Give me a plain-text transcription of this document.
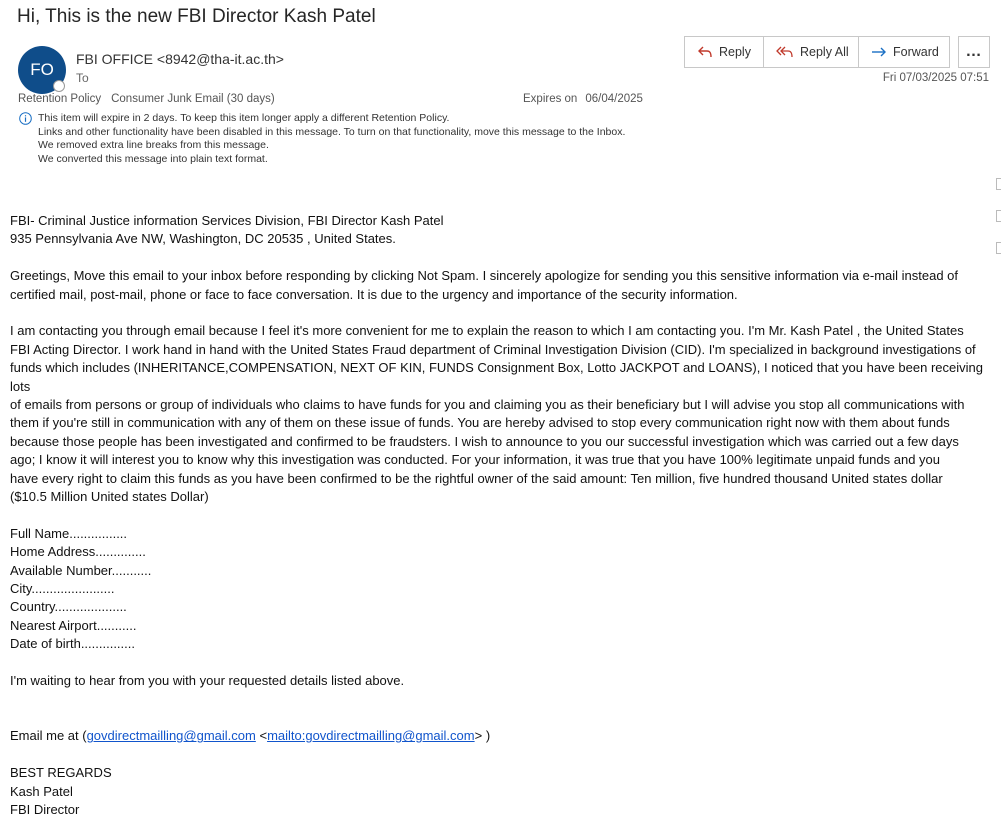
Hi, This is the new FBI Director Kash Patel
FO
FBI OFFICE <8942@tha-it.ac.th>
To
Reply	Reply All	Forward …
Fri 07/03/2025 07:51
Retention Policy Consumer Junk Email (30 days)	Expires on 06/04/2025
This item will expire in 2 days. To keep this item longer apply a different Retention Policy.
Links and other functionality have been disabled in this message. To turn on that functionality, move this message to the Inbox.
We removed extra line breaks from this message.
We converted this message into plain text format.

FBI- Criminal Justice information Services Division, FBI Director Kash Patel

935 Pennsylvania Ave NW, Washington, DC 20535 , United States.

Greetings, Move this email to your inbox before responding by clicking Not Spam. I sincerely apologize for sending you this sensitive information via e-mail instead of

certified mail, post-mail, phone or face to face conversation. It is due to the urgency and importance of the security information.

I am contacting you through email because I feel it's more convenient for me to explain the reason to which I am contacting you. I'm Mr. Kash Patel , the United States

FBI Acting Director. I work hand in hand with the United States Fraud department of Criminal Investigation Division (CID). I'm specialized in background investigations of

funds which includes (INHERITANCE,COMPENSATION, NEXT OF KIN, FUNDS Consignment Box, Lotto JACKPOT and LOANS), I noticed that you have been receiving lots

of emails from persons or group of individuals who claims to have funds for you and claiming you as their beneficiary but I will advise you stop all communications with

them if you're still in communication with any of them on these issue of funds. You are hereby advised to stop every communication right now with them about funds

because those people has been investigated and confirmed to be fraudsters. I wish to announce to you our successful investigation which was carried out a few days

ago; I know it will interest you to know why this investigation was conducted. For your information, it was true that you have 100% legitimate unpaid funds and you

have every right to claim this funds as you have been confirmed to be the rightful owner of the said amount: Ten million, five hundred thousand United states dollar

($10.5 Million United states Dollar)

Full Name................

Home Address..............

Available Number...........

City.......................

Country....................

Nearest Airport...........

Date of birth...............

I'm waiting to hear from you with your requested details listed above.

Email me at (govdirectmailling@gmail.com <mailto:govdirectmailling@gmail.com> )

BEST REGARDS

Kash Patel

FBI Director
